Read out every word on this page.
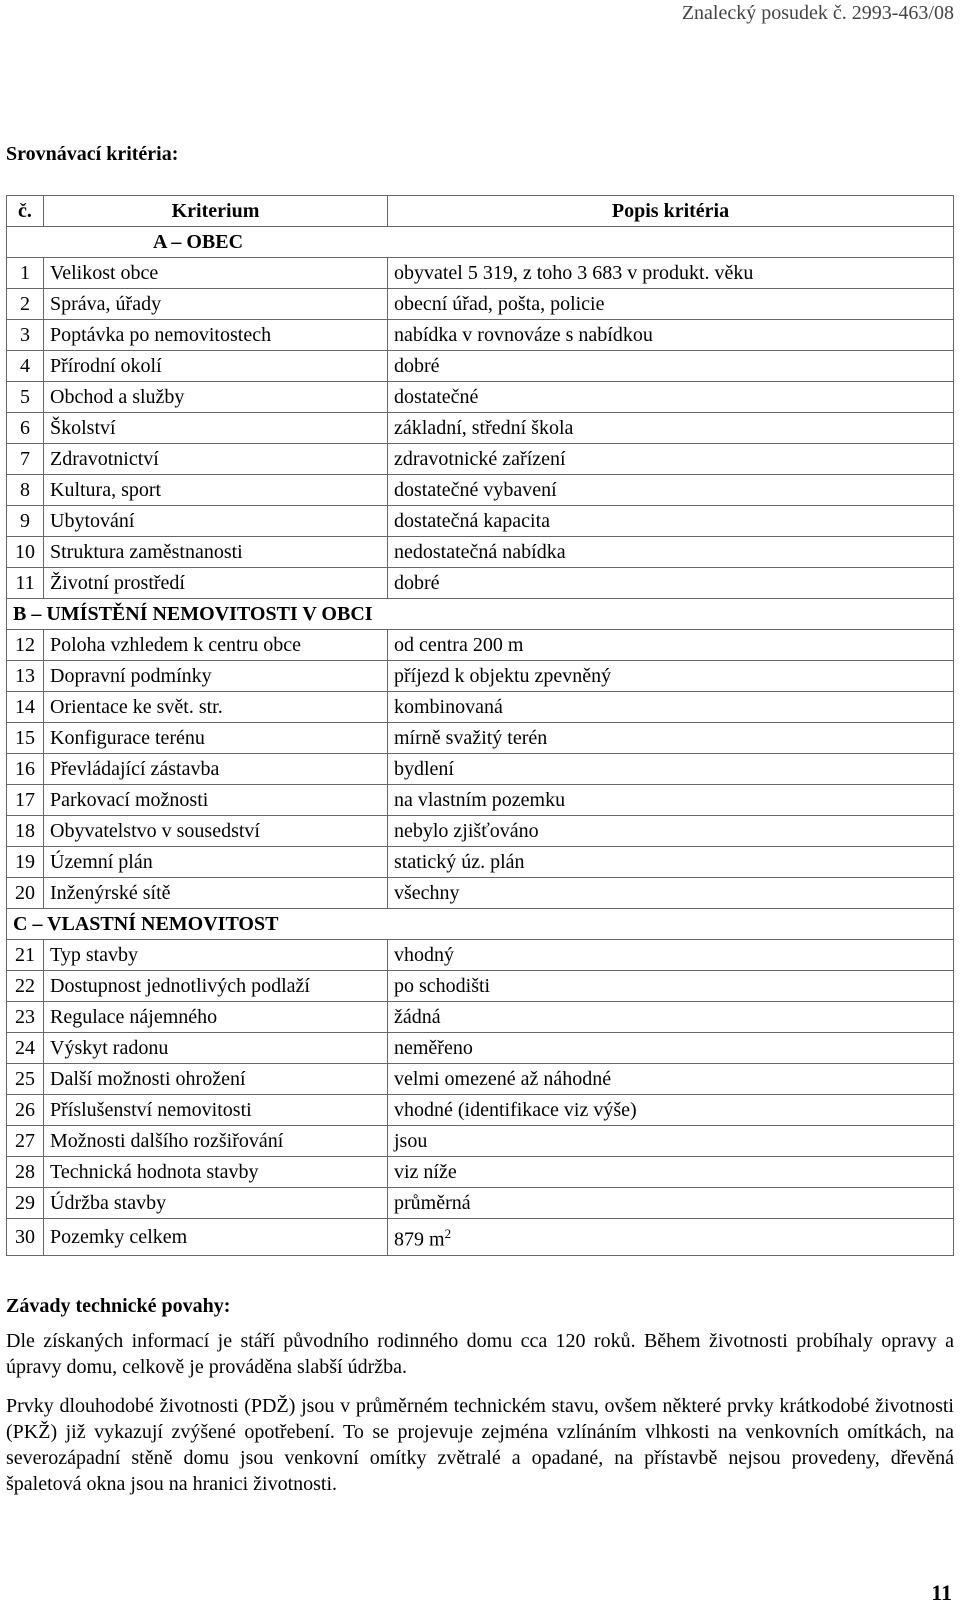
Znalecký posudek č. 2993-463/08
Srovnávací kritéria:
č.	Kriterium	Popis kritéria
A – OBEC		
1	Velikost obce	obyvatel 5 319, z toho 3 683 v produkt. věku
2	Správa, úřady	obecní úřad, pošta, policie
3	Poptávka po nemovitostech	nabídka v rovnováze s nabídkou
4	Přírodní okolí	dobré
5	Obchod a služby	dostatečné
6	Školství	základní, střední škola
7	Zdravotnictví	zdravotnické zařízení
8	Kultura, sport	dostatečné vybavení
9	Ubytování	dostatečná kapacita
10	Struktura zaměstnanosti	nedostatečná nabídka
11	Životní prostředí	dobré
B – UMÍSTĚNÍ NEMOVITOSTI V OBCI		
12	Poloha vzhledem k centru obce	od centra 200 m
13	Dopravní podmínky	příjezd k objektu zpevněný
14	Orientace ke svět. str.	kombinovaná
15	Konfigurace terénu	mírně svažitý terén
16	Převládající zástavba	bydlení
17	Parkovací možnosti	na vlastním pozemku
18	Obyvatelstvo v sousedství	nebylo zjišťováno
19	Územní plán	statický úz. plán
20	Inženýrské sítě	všechny
C – VLASTNÍ NEMOVITOST		
21	Typ stavby	vhodný
22	Dostupnost jednotlivých podlaží	po schodišti
23	Regulace nájemného	žádná
24	Výskyt radonu	neměřeno
25	Další možnosti ohrožení	velmi omezené až náhodné
26	Příslušenství nemovitosti	vhodné (identifikace viz výše)
27	Možnosti dalšího rozšiřování	jsou
28	Technická hodnota stavby	viz níže
29	Údržba stavby	průměrná
30	Pozemky celkem	879 $m^2$
Závady technické povahy:

Dle získaných informací je stáří původního rodinného domu cca 120 roků. Během životnosti probíhaly opravy a úpravy domu, celkově je prováděna slabší údržba.

Prvky dlouhodobé životnosti (PDŽ) jsou v průměrném technickém stavu, ovšem některé prvky krátkodobé životnosti (PKŽ) již vykazují zvýšené opotřebení. To se projevuje zejména vzlínáním vlhkosti na venkovních omítkách, na severozápadní stěně domu jsou venkovní omítky zvětralé a opadané, na přístavbě nejsou provedeny, dřevěná špaletová okna jsou na hranici životnosti.

11
